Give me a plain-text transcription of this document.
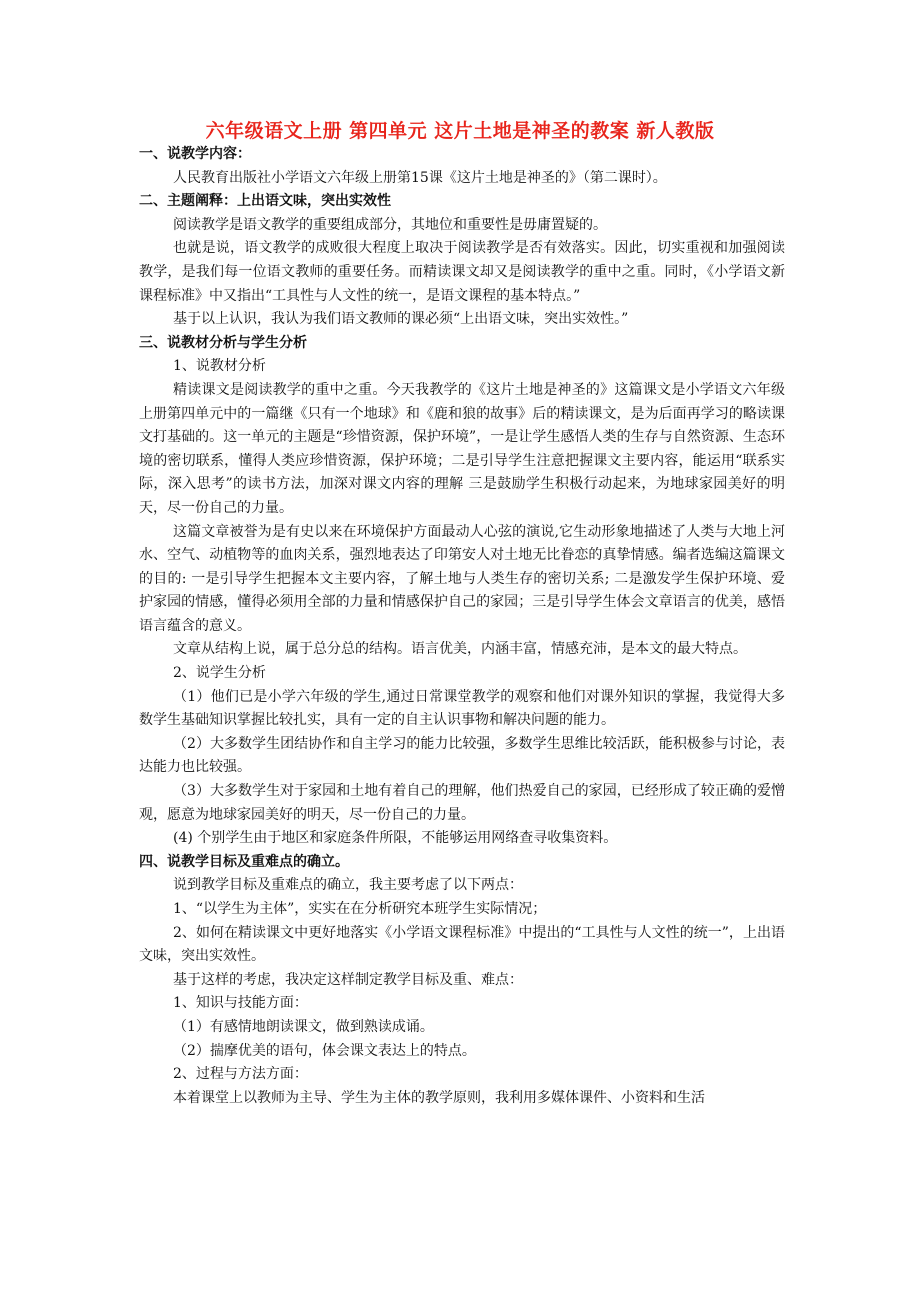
六年级语文上册 第四单元 这片土地是神圣的教案 新人教版

一、说教学内容：

人民教育出版社小学语文六年级上册第15课《这片土地是神圣的》（第二课时）。

二、主题阐释：上出语文味，突出实效性

阅读教学是语文教学的重要组成部分，其地位和重要性是毋庸置疑的。

也就是说，语文教学的成败很大程度上取决于阅读教学是否有效落实。因此，切实重视和加强阅读教学，是我们每一位语文教师的重要任务。而精读课文却又是阅读教学的重中之重。同时，《小学语文新课程标准》中又指出“工具性与人文性的统一，是语文课程的基本特点。”

基于以上认识，我认为我们语文教师的课必须“上出语文味，突出实效性。”

三、说教材分析与学生分析

1、说教材分析

精读课文是阅读教学的重中之重。今天我教学的《这片土地是神圣的》这篇课文是小学语文六年级上册第四单元中的一篇继《只有一个地球》和《鹿和狼的故事》后的精读课文，是为后面再学习的略读课文打基础的。这一单元的主题是“珍惜资源，保护环境”，一是让学生感悟人类的生存与自然资源、生态环境的密切联系，懂得人类应珍惜资源，保护环境；二是引导学生注意把握课文主要内容，能运用“联系实际，深入思考”的读书方法，加深对课文内容的理解 三是鼓励学生积极行动起来，为地球家园美好的明天，尽一份自己的力量。

这篇文章被誉为是有史以来在环境保护方面最动人心弦的演说,它生动形象地描述了人类与大地上河水、空气、动植物等的血肉关系，强烈地表达了印第安人对土地无比眷恋的真挚情感。编者选编这篇课文的目的: 一是引导学生把握本文主要内容，了解土地与人类生存的密切关系; 二是激发学生保护环境、爱护家园的情感，懂得必须用全部的力量和情感保护自己的家园；三是引导学生体会文章语言的优美，感悟语言蕴含的意义。

文章从结构上说，属于总分总的结构。语言优美，内涵丰富，情感充沛，是本文的最大特点。

2、说学生分析

（1）他们已是小学六年级的学生,通过日常课堂教学的观察和他们对课外知识的掌握，我觉得大多数学生基础知识掌握比较扎实，具有一定的自主认识事物和解决问题的能力。

（2）大多数学生团结协作和自主学习的能力比较强，多数学生思维比较活跃，能积极参与讨论，表达能力也比较强。

（3）大多数学生对于家园和土地有着自己的理解，他们热爱自己的家园，已经形成了较正确的爱憎观，愿意为地球家园美好的明天，尽一份自己的力量。

(4) 个别学生由于地区和家庭条件所限，不能够运用网络查寻收集资料。

四、说教学目标及重难点的确立。

说到教学目标及重难点的确立，我主要考虑了以下两点：

1、“以学生为主体”，实实在在分析研究本班学生实际情况；

2、如何在精读课文中更好地落实《小学语文课程标准》中提出的“工具性与人文性的统一”，上出语文味，突出实效性。

基于这样的考虑，我决定这样制定教学目标及重、难点：

1、知识与技能方面：

（1）有感情地朗读课文，做到熟读成诵。

（2）揣摩优美的语句，体会课文表达上的特点。

2、过程与方法方面：

本着课堂上以教师为主导、学生为主体的教学原则，我利用多媒体课件、小资料和生活
